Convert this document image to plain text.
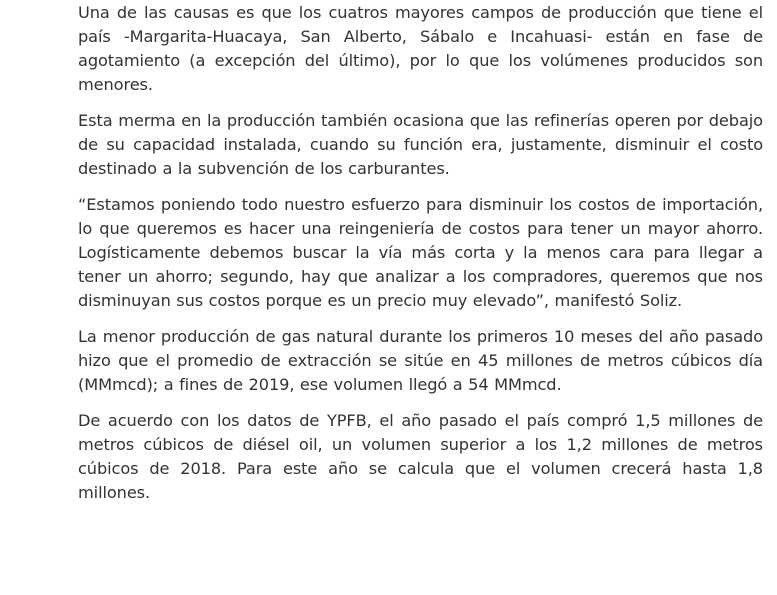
Una de las causas es que los cuatros mayores campos de producción que tiene el país -Margarita-Huacaya, San Alberto, Sábalo e Incahuasi- están en fase de agotamiento (a excepción del último), por lo que los volúmenes producidos son menores.

Esta merma en la producción también ocasiona que las refinerías operen por debajo de su capacidad instalada, cuando su función era, justamente, disminuir el costo destinado a la subvención de los carburantes.

“Estamos poniendo todo nuestro esfuerzo para disminuir los costos de importación, lo que queremos es hacer una reingeniería de costos para tener un mayor ahorro. Logísticamente debemos buscar la vía más corta y la menos cara para llegar a tener un ahorro; segundo, hay que analizar a los compradores, queremos que nos disminuyan sus costos porque es un precio muy elevado”, manifestó Soliz.

La menor producción de gas natural durante los primeros 10 meses del año pasado hizo que el promedio de extracción se sitúe en 45 millones de metros cúbicos día (MMmcd); a fines de 2019, ese volumen llegó a 54 MMmcd.

De acuerdo con los datos de YPFB, el año pasado el país compró 1,5 millones de metros cúbicos de diésel oil, un volumen superior a los 1,2 millones de metros cúbicos de 2018. Para este año se calcula que el volumen crecerá hasta 1,8 millones.
